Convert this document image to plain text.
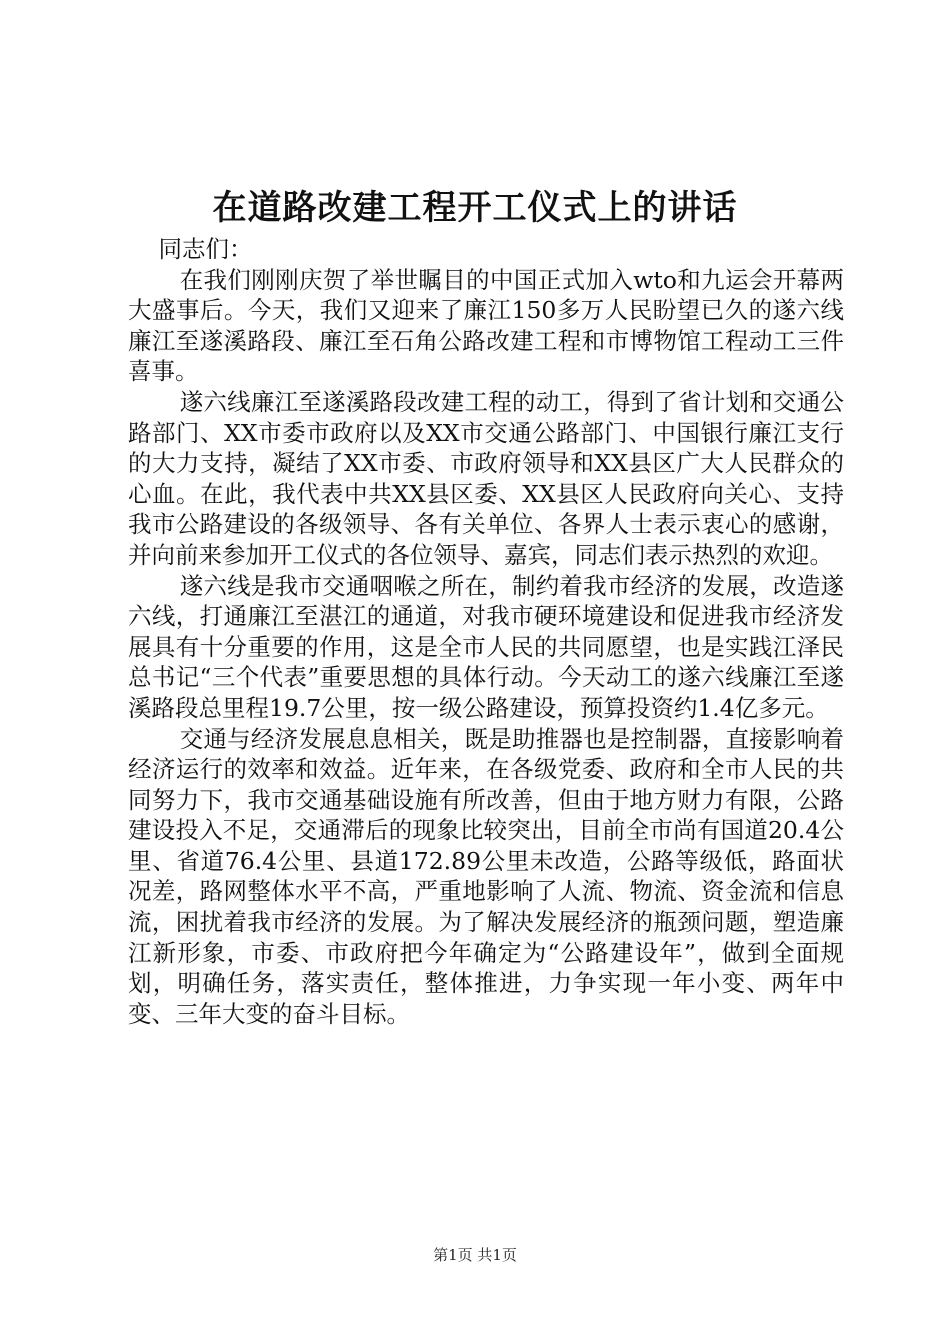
在道路改建工程开工仪式上的讲话

同志们：

在我们刚刚庆贺了举世瞩目的中国正式加入wto和九运会开幕两大盛事后。今天，我们又迎来了廉江150多万人民盼望已久的遂六线廉江至遂溪路段、廉江至石角公路改建工程和市博物馆工程动工三件喜事。

遂六线廉江至遂溪路段改建工程的动工，得到了省计划和交通公路部门、XX市委市政府以及XX市交通公路部门、中国银行廉江支行的大力支持，凝结了XX市委、市政府领导和XX县区广大人民群众的心血。在此，我代表中共XX县区委、XX县区人民政府向关心、支持我市公路建设的各级领导、各有关单位、各界人士表示衷心的感谢，并向前来参加开工仪式的各位领导、嘉宾，同志们表示热烈的欢迎。

遂六线是我市交通咽喉之所在，制约着我市经济的发展，改造遂六线，打通廉江至湛江的通道，对我市硬环境建设和促进我市经济发展具有十分重要的作用，这是全市人民的共同愿望，也是实践江泽民总书记“三个代表”重要思想的具体行动。今天动工的遂六线廉江至遂溪路段总里程19.7公里，按一级公路建设，预算投资约1.4亿多元。

交通与经济发展息息相关，既是助推器也是控制器，直接影响着经济运行的效率和效益。近年来，在各级党委、政府和全市人民的共同努力下，我市交通基础设施有所改善，但由于地方财力有限，公路建设投入不足，交通滞后的现象比较突出，目前全市尚有国道20.4公里、省道76.4公里、县道172.89公里未改造，公路等级低，路面状况差，路网整体水平不高，严重地影响了人流、物流、资金流和信息流，困扰着我市经济的发展。为了解决发展经济的瓶颈问题，塑造廉江新形象，市委、市政府把今年确定为“公路建设年”，做到全面规划，明确任务，落实责任，整体推进，力争实现一年小变、两年中变、三年大变的奋斗目标。

第1页 共1页
